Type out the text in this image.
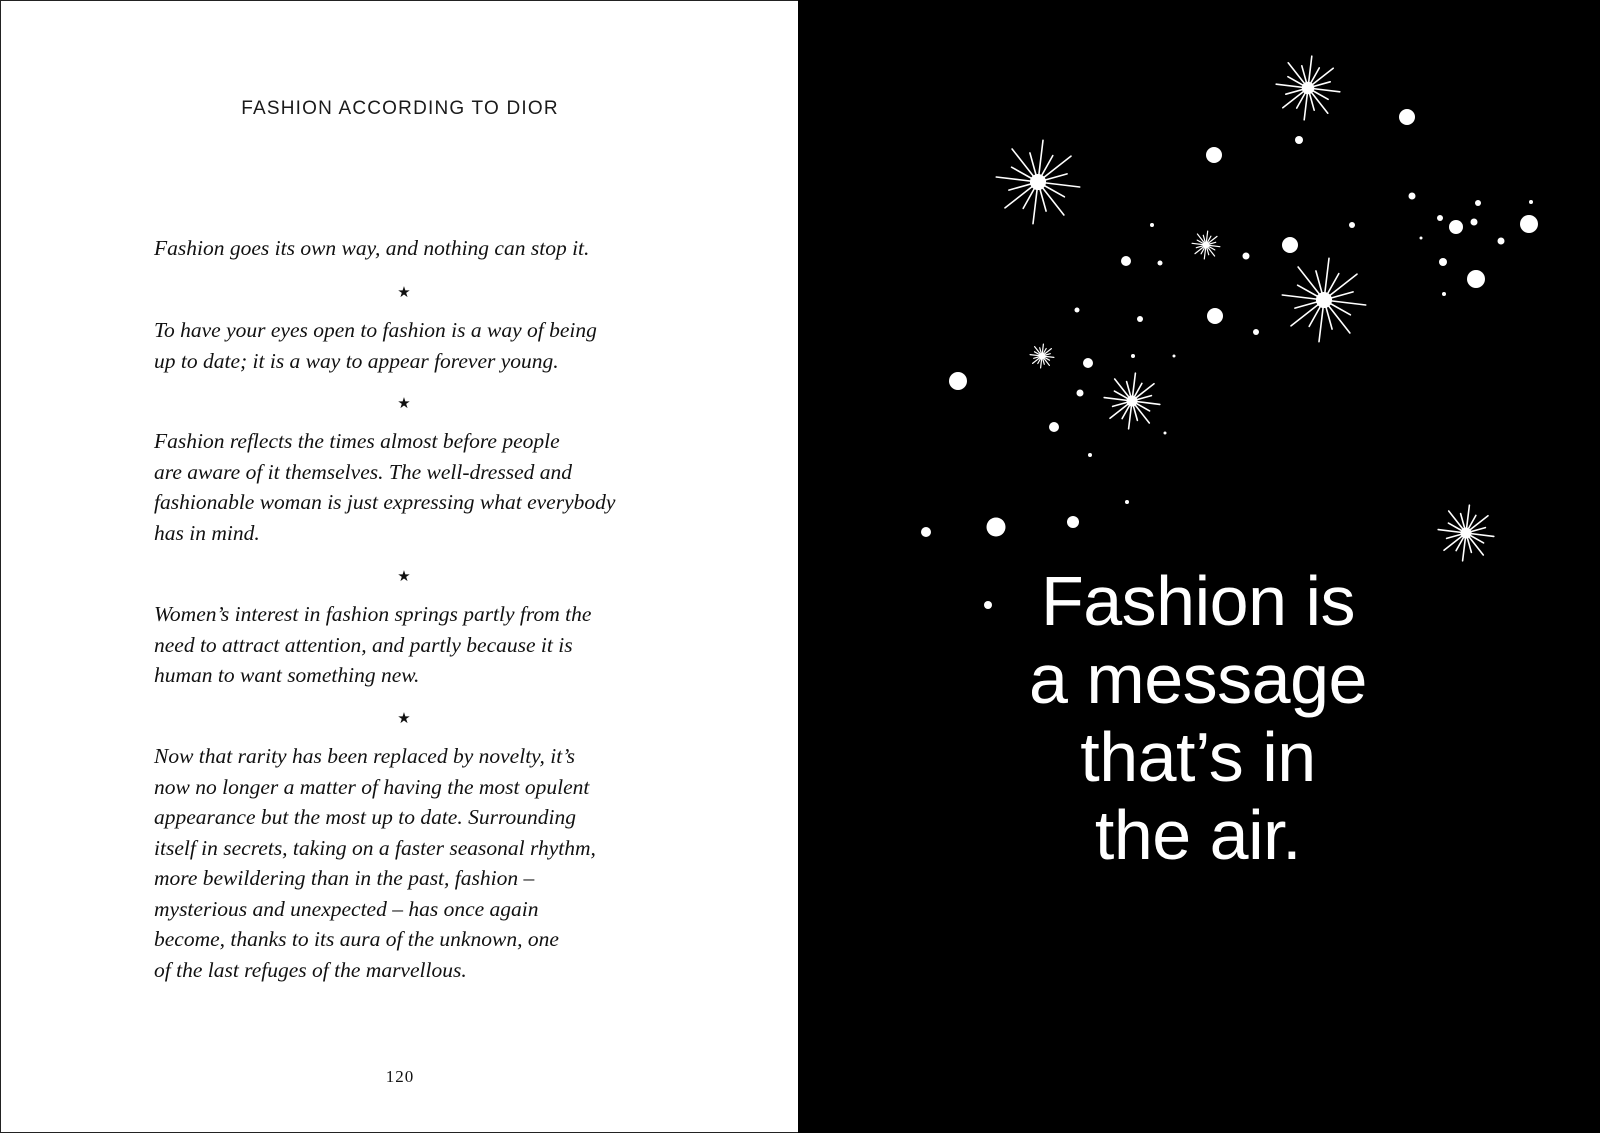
FASHION ACCORDING TO DIOR
Fashion goes its own way, and nothing can stop it.
★
To have your eyes open to fashion is a way of being
up to date; it is a way to appear forever young.
★
Fashion reflects the times almost before people
are aware of it themselves. The well-dressed and
fashionable woman is just expressing what everybody
has in mind.
★
Women’s interest in fashion springs partly from the
need to attract attention, and partly because it is
human to want something new.
★
Now that rarity has been replaced by novelty, it’s
now no longer a matter of having the most opulent
appearance but the most up to date. Surrounding
itself in secrets, taking on a faster seasonal rhythm,
more bewildering than in the past, fashion –
mysterious and unexpected – has once again
become, thanks to its aura of the unknown, one
of the last refuges of the marvellous.
120
Fashion is
a message
that’s in
the air.
